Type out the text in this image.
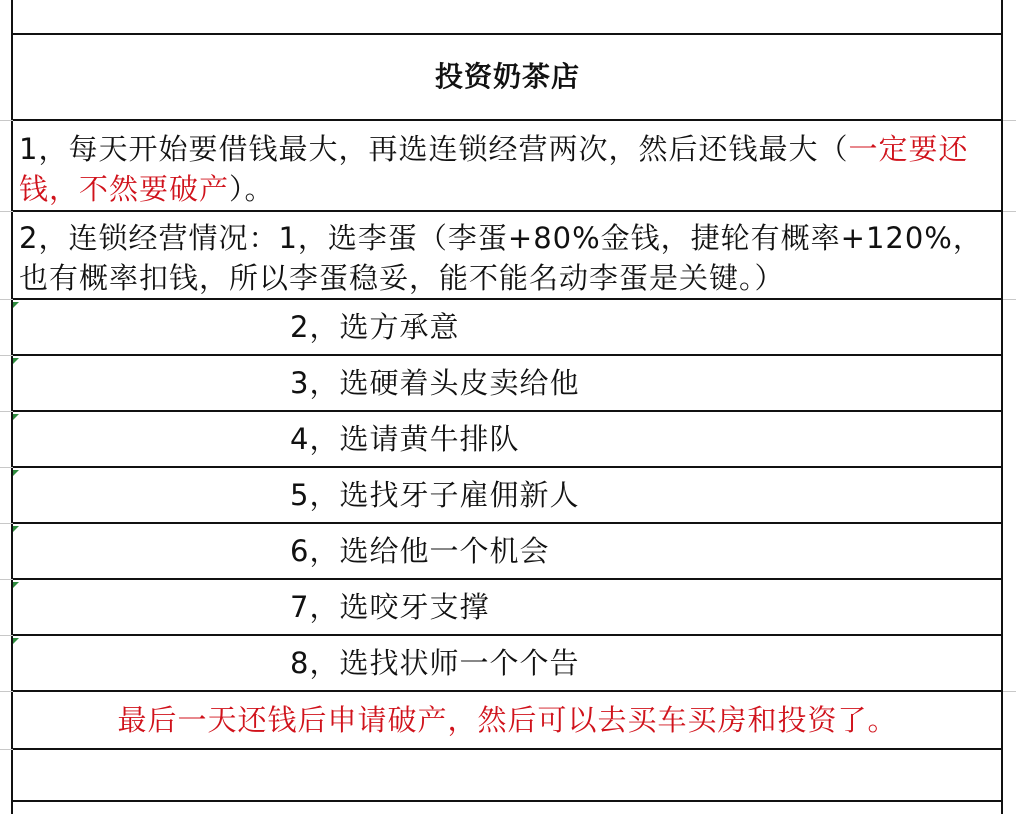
投资奶茶店
1，每天开始要借钱最大，再选连锁经营两次，然后还钱最大（一定要还钱，不然要破产）。
2，连锁经营情况：1，选李蛋（李蛋+80%金钱，捷轮有概率+120%，也有概率扣钱，所以李蛋稳妥，能不能名动李蛋是关键。）
2，选方承意
3，选硬着头皮卖给他
4，选请黄牛排队
5，选找牙子雇佣新人
6，选给他一个机会
7，选咬牙支撑
8，选找状师一个个告
最后一天还钱后申请破产，然后可以去买车买房和投资了。
